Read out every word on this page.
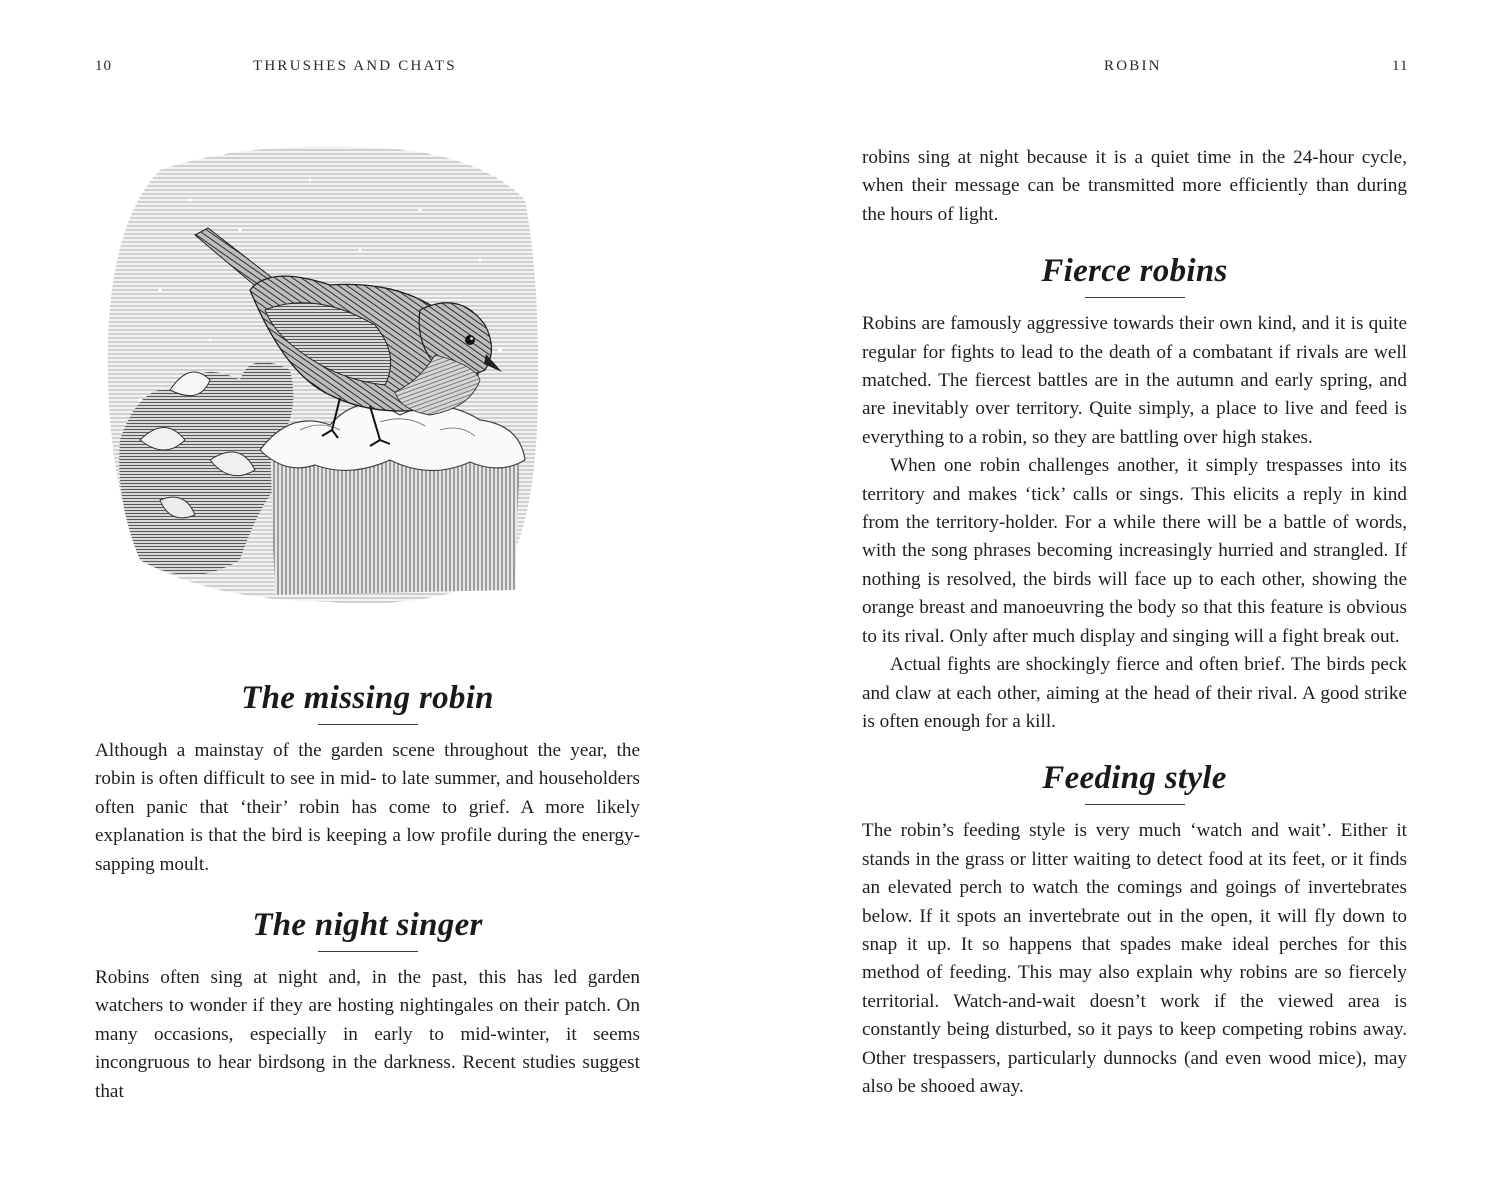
10	THRUSHES AND CHATS
The missing robin

Although a mainstay of the garden scene throughout the year, the robin is often difficult to see in mid- to late summer, and householders often panic that ‘their’ robin has come to grief. A more likely explanation is that the bird is keeping a low profile during the energy-sapping moult.

The night singer

Robins often sing at night and, in the past, this has led garden watchers to wonder if they are hosting nightingales on their patch. On many occasions, especially in early to mid-winter, it seems incongruous to hear birdsong in the darkness. Recent studies suggest that

ROBIN	11

robins sing at night because it is a quiet time in the 24-hour cycle, when their message can be transmitted more efficiently than during the hours of light.

Fierce robins

Robins are famously aggressive towards their own kind, and it is quite regular for fights to lead to the death of a combatant if rivals are well matched. The fiercest battles are in the autumn and early spring, and are inevitably over territory. Quite simply, a place to live and feed is everything to a robin, so they are battling over high stakes.

When one robin challenges another, it simply trespasses into its territory and makes ‘tick’ calls or sings. This elicits a reply in kind from the territory-holder. For a while there will be a battle of words, with the song phrases becoming increasingly hurried and strangled. If nothing is resolved, the birds will face up to each other, showing the orange breast and manoeuvring the body so that this feature is obvious to its rival. Only after much display and singing will a fight break out.

Actual fights are shockingly fierce and often brief. The birds peck and claw at each other, aiming at the head of their rival. A good strike is often enough for a kill.

Feeding style

The robin’s feeding style is very much ‘watch and wait’. Either it stands in the grass or litter waiting to detect food at its feet, or it finds an elevated perch to watch the comings and goings of invertebrates below. If it spots an invertebrate out in the open, it will fly down to snap it up. It so happens that spades make ideal perches for this method of feeding. This may also explain why robins are so fiercely territorial. Watch-and-wait doesn’t work if the viewed area is constantly being disturbed, so it pays to keep competing robins away. Other trespassers, particularly dunnocks (and even wood mice), may also be shooed away.
